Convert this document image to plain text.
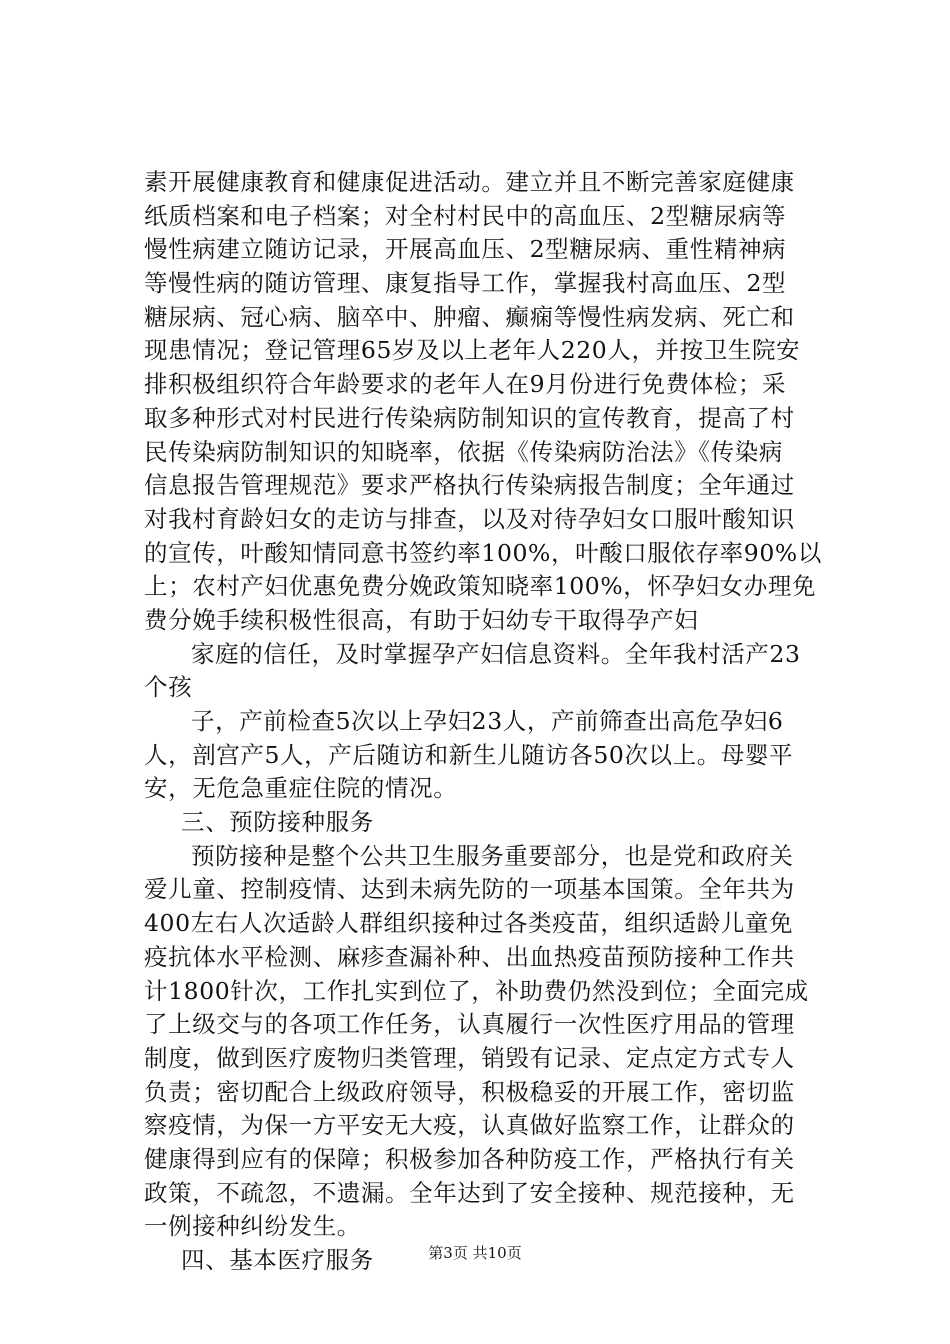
素开展健康教育和健康促进活动。建立并且不断完善家庭健康
纸质档案和电子档案；对全村村民中的高血压、2型糖尿病等
慢性病建立随访记录，开展高血压、2型糖尿病、重性精神病
等慢性病的随访管理、康复指导工作，掌握我村高血压、2型
糖尿病、冠心病、脑卒中、肿瘤、癫痫等慢性病发病、死亡和
现患情况；登记管理65岁及以上老年人220人，并按卫生院安
排积极组织符合年龄要求的老年人在9月份进行免费体检；采
取多种形式对村民进行传染病防制知识的宣传教育，提高了村
民传染病防制知识的知晓率，依据《传染病防治法》《传染病
信息报告管理规范》要求严格执行传染病报告制度；全年通过
对我村育龄妇女的走访与排查，以及对待孕妇女口服叶酸知识
的宣传，叶酸知情同意书签约率100%，叶酸口服依存率90%以
上；农村产妇优惠免费分娩政策知晓率100%，怀孕妇女办理免
费分娩手续积极性很高，有助于妇幼专干取得孕产妇
家庭的信任，及时掌握孕产妇信息资料。全年我村活产23
个孩
子，产前检查5次以上孕妇23人，产前筛查出高危孕妇6
人，剖宫产5人，产后随访和新生儿随访各50次以上。母婴平
安，无危急重症住院的情况。
三、预防接种服务
预防接种是整个公共卫生服务重要部分，也是党和政府关
爱儿童、控制疫情、达到未病先防的一项基本国策。全年共为
400左右人次适龄人群组织接种过各类疫苗，组织适龄儿童免
疫抗体水平检测、麻疹查漏补种、出血热疫苗预防接种工作共
计1800针次，工作扎实到位了，补助费仍然没到位；全面完成
了上级交与的各项工作任务，认真履行一次性医疗用品的管理
制度，做到医疗废物归类管理，销毁有记录、定点定方式专人
负责；密切配合上级政府领导，积极稳妥的开展工作，密切监
察疫情，为保一方平安无大疫，认真做好监察工作，让群众的
健康得到应有的保障；积极参加各种防疫工作，严格执行有关
政策，不疏忽，不遗漏。全年达到了安全接种、规范接种，无
一例接种纠纷发生。
四、基本医疗服务	第3页 共10页
